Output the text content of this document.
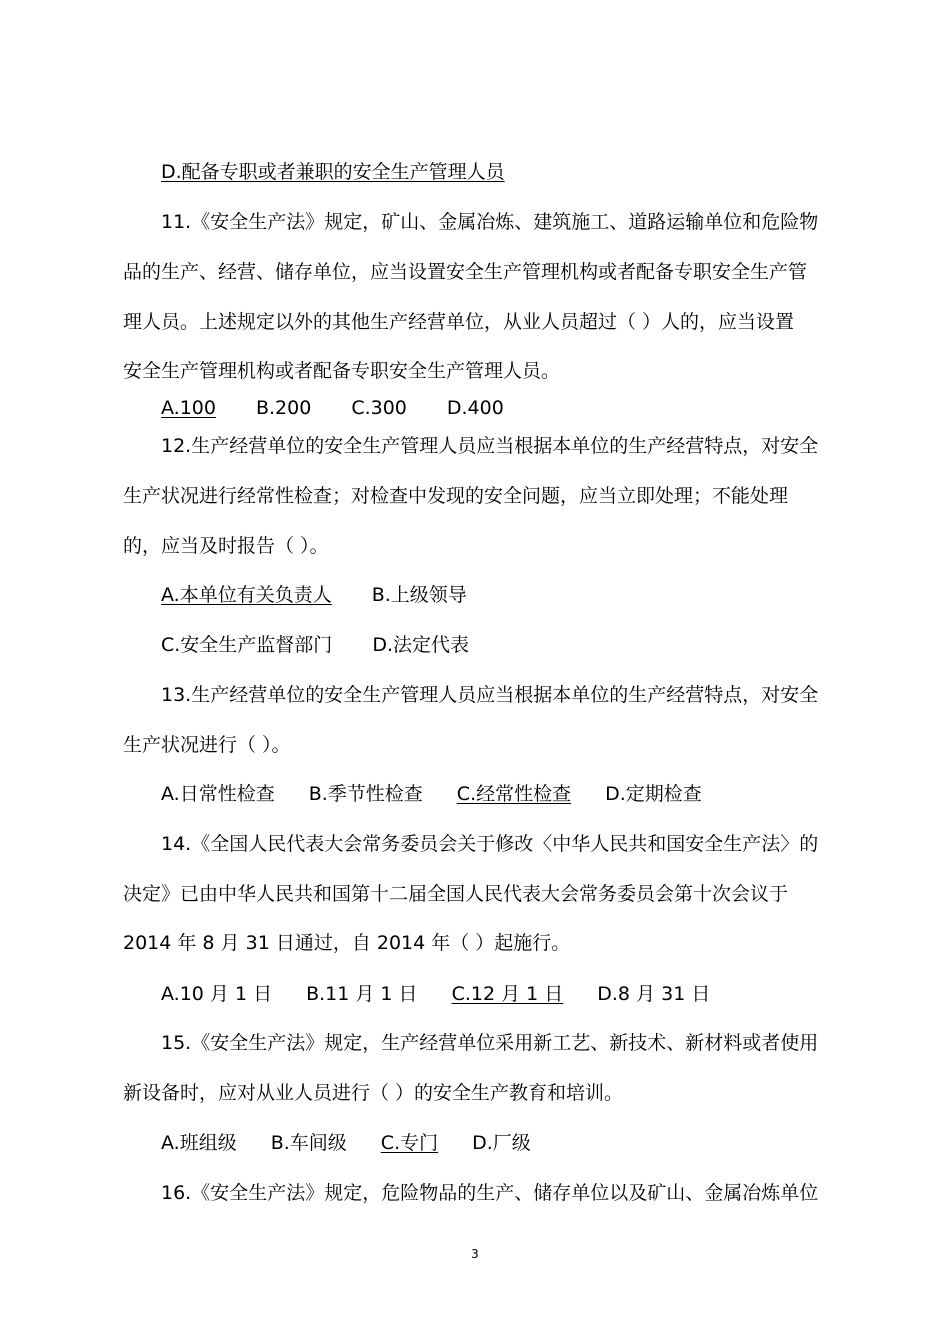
D.配备专职或者兼职的安全生产管理人员
11.《安全生产法》规定，矿山、金属冶炼、建筑施工、道路运输单位和危险物
品的生产、经营、储存单位，应当设置安全生产管理机构或者配备专职安全生产管
理人员。上述规定以外的其他生产经营单位，从业人员超过（ ）人的，应当设置
安全生产管理机构或者配备专职安全生产管理人员。
A.100 B.200 C.300 D.400
12.生产经营单位的安全生产管理人员应当根据本单位的生产经营特点，对安全
生产状况进行经常性检查；对检查中发现的安全问题，应当立即处理；不能处理
的，应当及时报告（ ）。
A.本单位有关负责人 B.上级领导
C.安全生产监督部门 D.法定代表
13.生产经营单位的安全生产管理人员应当根据本单位的生产经营特点，对安全
生产状况进行（ ）。
A.日常性检查 B.季节性检查 C.经常性检查 D.定期检查
14.《全国人民代表大会常务委员会关于修改〈中华人民共和国安全生产法〉的
决定》已由中华人民共和国第十二届全国人民代表大会常务委员会第十次会议于
2014 年 8 月 31 日通过，自 2014 年（ ）起施行。
A.10 月 1 日 B.11 月 1 日 C.12 月 1 日 D.8 月 31 日
15.《安全生产法》规定，生产经营单位采用新工艺、新技术、新材料或者使用
新设备时，应对从业人员进行（ ）的安全生产教育和培训。
A.班组级 B.车间级 C.专门 D.厂级
16.《安全生产法》规定，危险物品的生产、储存单位以及矿山、金属冶炼单位
3
